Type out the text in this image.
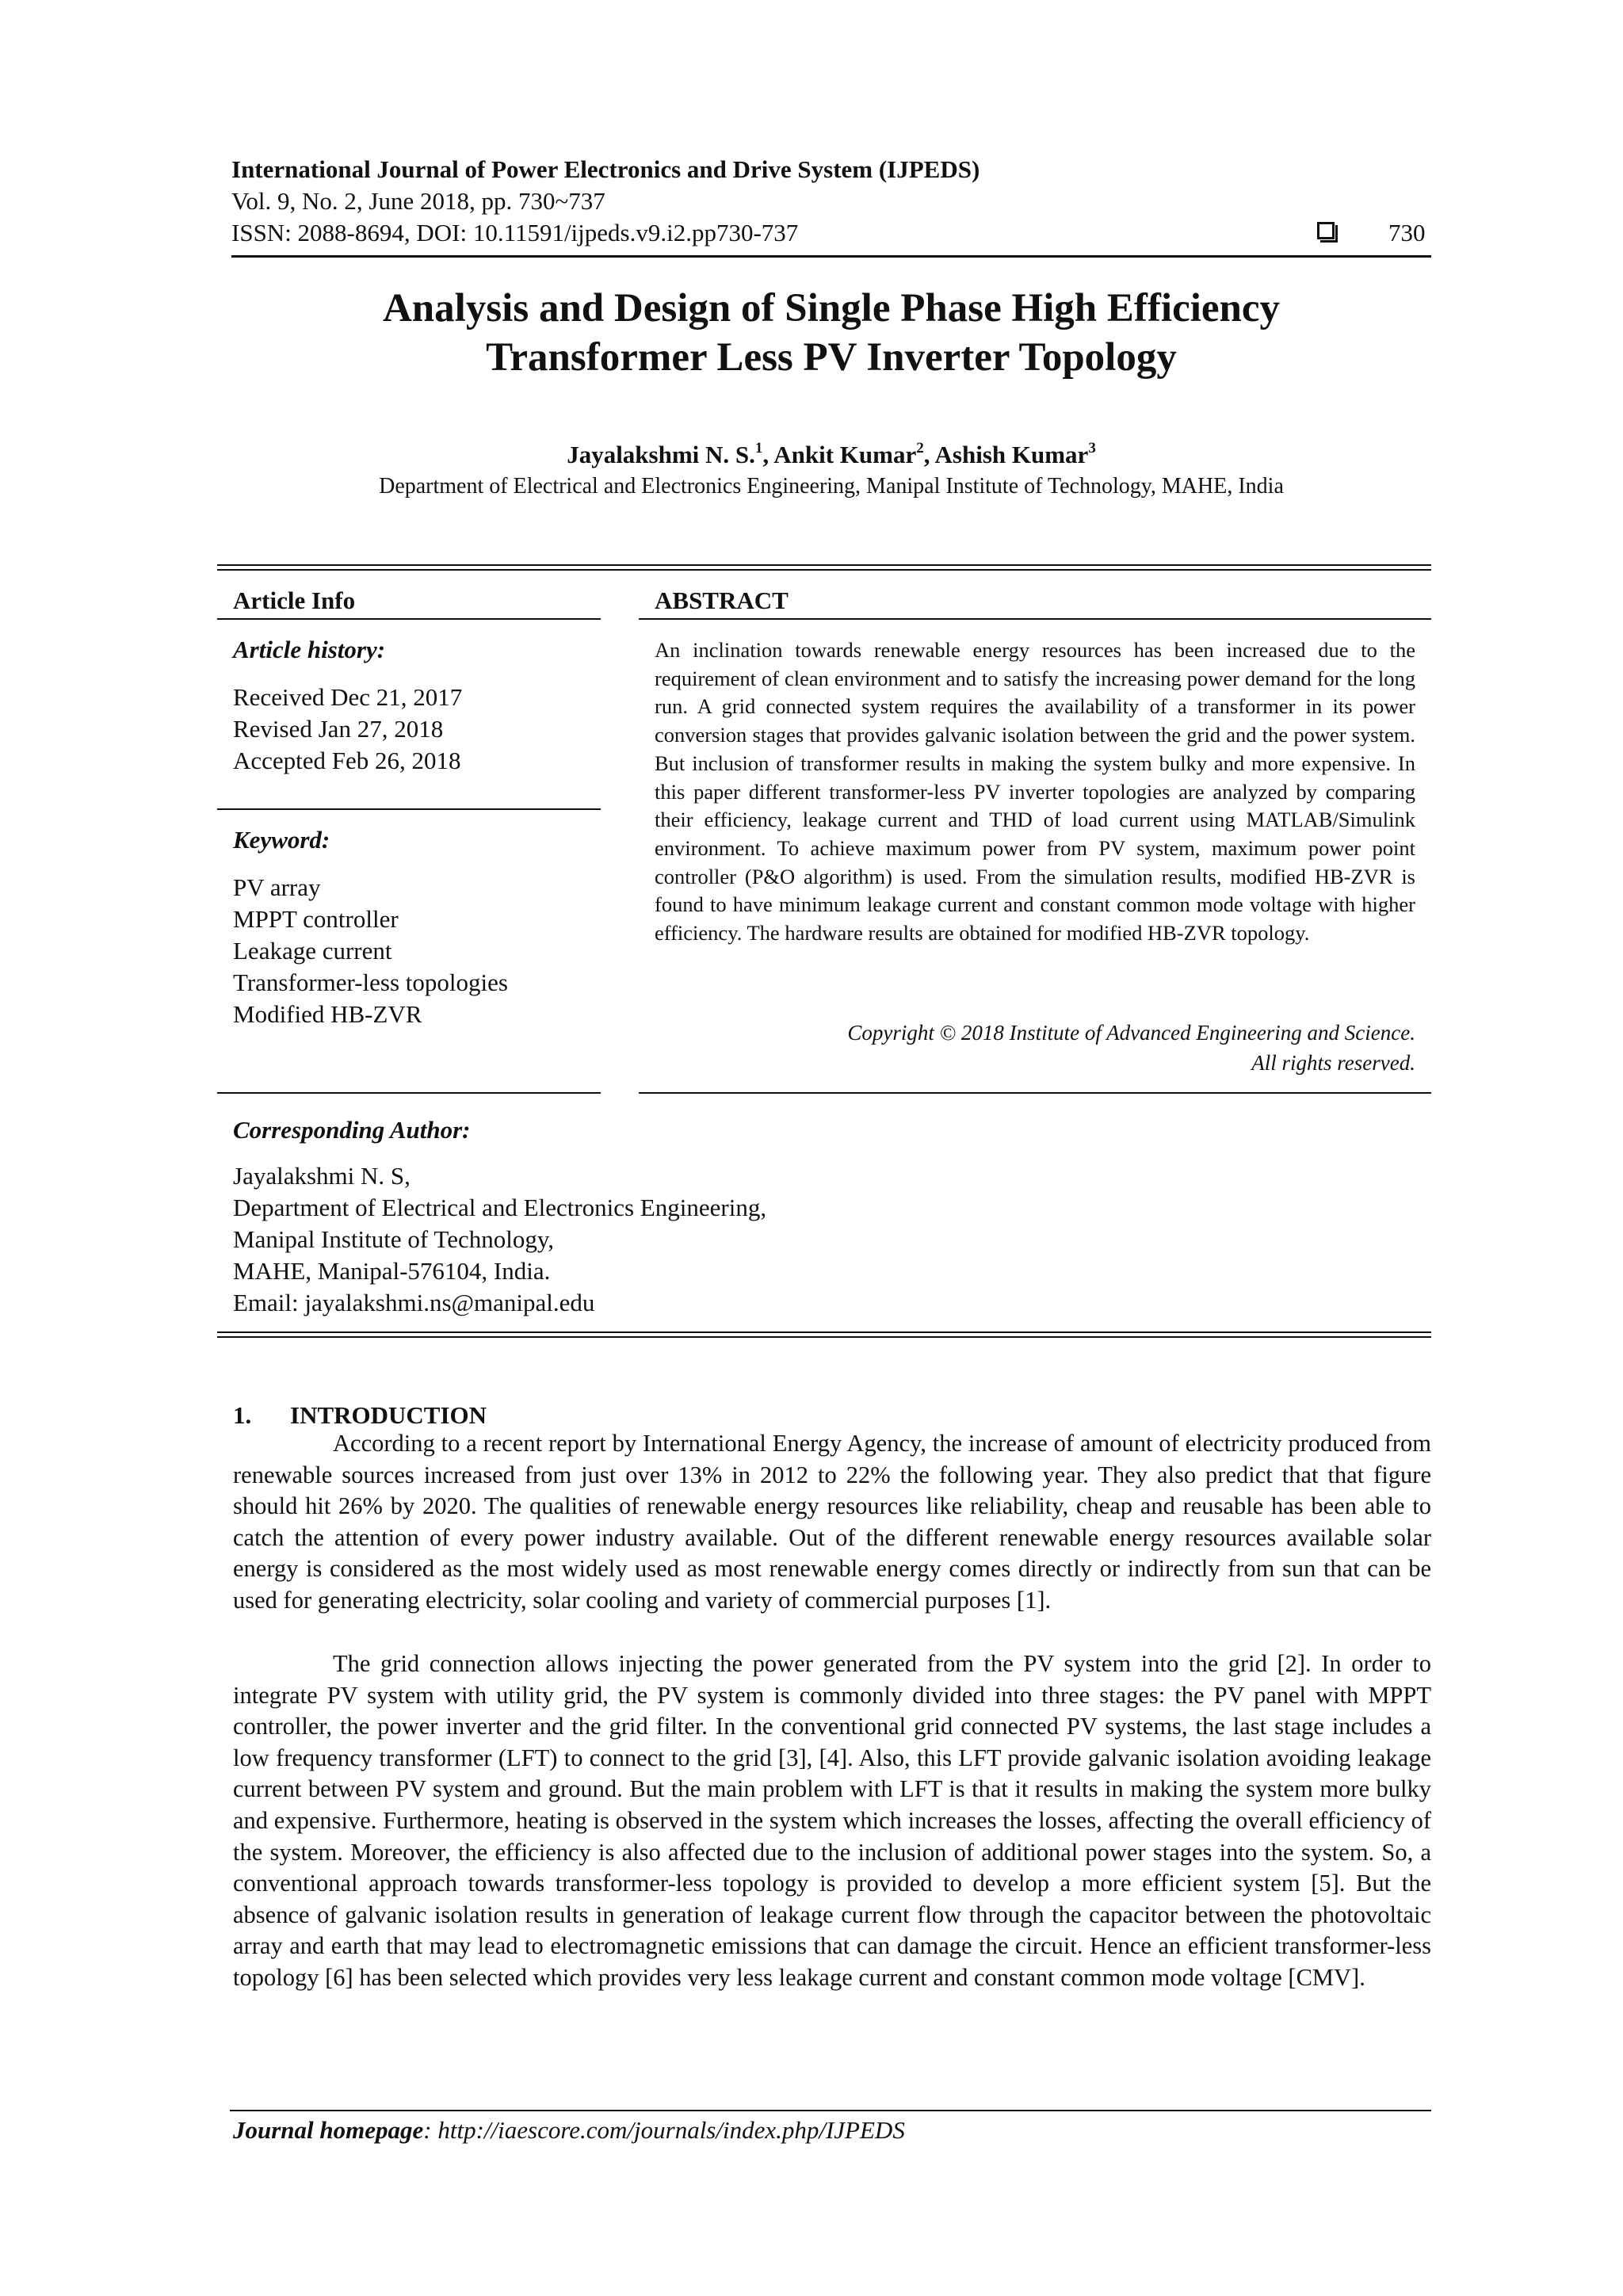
International Journal of Power Electronics and Drive System (IJPEDS)
Vol. 9, No. 2, June 2018, pp. 730~737
ISSN: 2088-8694, DOI: 10.11591/ijpeds.v9.i2.pp730-737	730
Analysis and Design of Single Phase High Efficiency
Transformer Less PV Inverter Topology
Jayalakshmi N. S.$^1$, Ankit Kumar$^2$, Ashish Kumar$^3$
Department of Electrical and Electronics Engineering, Manipal Institute of Technology, MAHE, India
Article Info
Article history:
Received Dec 21, 2017
Revised Jan 27, 2018
Accepted Feb 26, 2018
Keyword:
PV array
MPPT controller
Leakage current
Transformer-less topologies
Modified HB-ZVR
ABSTRACT
An inclination towards renewable energy resources has been increased due to the requirement of clean environment and to satisfy the increasing power demand for the long run. A grid connected system requires the availability of a transformer in its power conversion stages that provides galvanic isolation between the grid and the power system. But inclusion of transformer results in making the system bulky and more expensive. In this paper different transformer-less PV inverter topologies are analyzed by comparing their efficiency, leakage current and THD of load current using MATLAB/Simulink environment. To achieve maximum power from PV system, maximum power point controller (P&O algorithm) is used. From the simulation results, modified HB-ZVR is found to have minimum leakage current and constant common mode voltage with higher efficiency. The hardware results are obtained for modified HB-ZVR topology.
Copyright © 2018 Institute of Advanced Engineering and Science.
All rights reserved.
Corresponding Author:
Jayalakshmi N. S,
Department of Electrical and Electronics Engineering,
Manipal Institute of Technology,
MAHE, Manipal-576104, India.
Email: jayalakshmi.ns@manipal.edu
1. INTRODUCTION
According to a recent report by International Energy Agency, the increase of amount of electricity produced from renewable sources increased from just over 13% in 2012 to 22% the following year. They also predict that that figure should hit 26% by 2020. The qualities of renewable energy resources like reliability, cheap and reusable has been able to catch the attention of every power industry available. Out of the different renewable energy resources available solar energy is considered as the most widely used as most renewable energy comes directly or indirectly from sun that can be used for generating electricity, solar cooling and variety of commercial purposes [1].
The grid connection allows injecting the power generated from the PV system into the grid [2]. In order to integrate PV system with utility grid, the PV system is commonly divided into three stages: the PV panel with MPPT controller, the power inverter and the grid filter. In the conventional grid connected PV systems, the last stage includes a low frequency transformer (LFT) to connect to the grid [3], [4]. Also, this LFT provide galvanic isolation avoiding leakage current between PV system and ground. But the main problem with LFT is that it results in making the system more bulky and expensive. Furthermore, heating is observed in the system which increases the losses, affecting the overall efficiency of the system. Moreover, the efficiency is also affected due to the inclusion of additional power stages into the system. So, a conventional approach towards transformer-less topology is provided to develop a more efficient system [5]. But the absence of galvanic isolation results in generation of leakage current flow through the capacitor between the photovoltaic array and earth that may lead to electromagnetic emissions that can damage the circuit. Hence an efficient transformer-less topology [6] has been selected which provides very less leakage current and constant common mode voltage [CMV].
Journal homepage: http://iaescore.com/journals/index.php/IJPEDS
